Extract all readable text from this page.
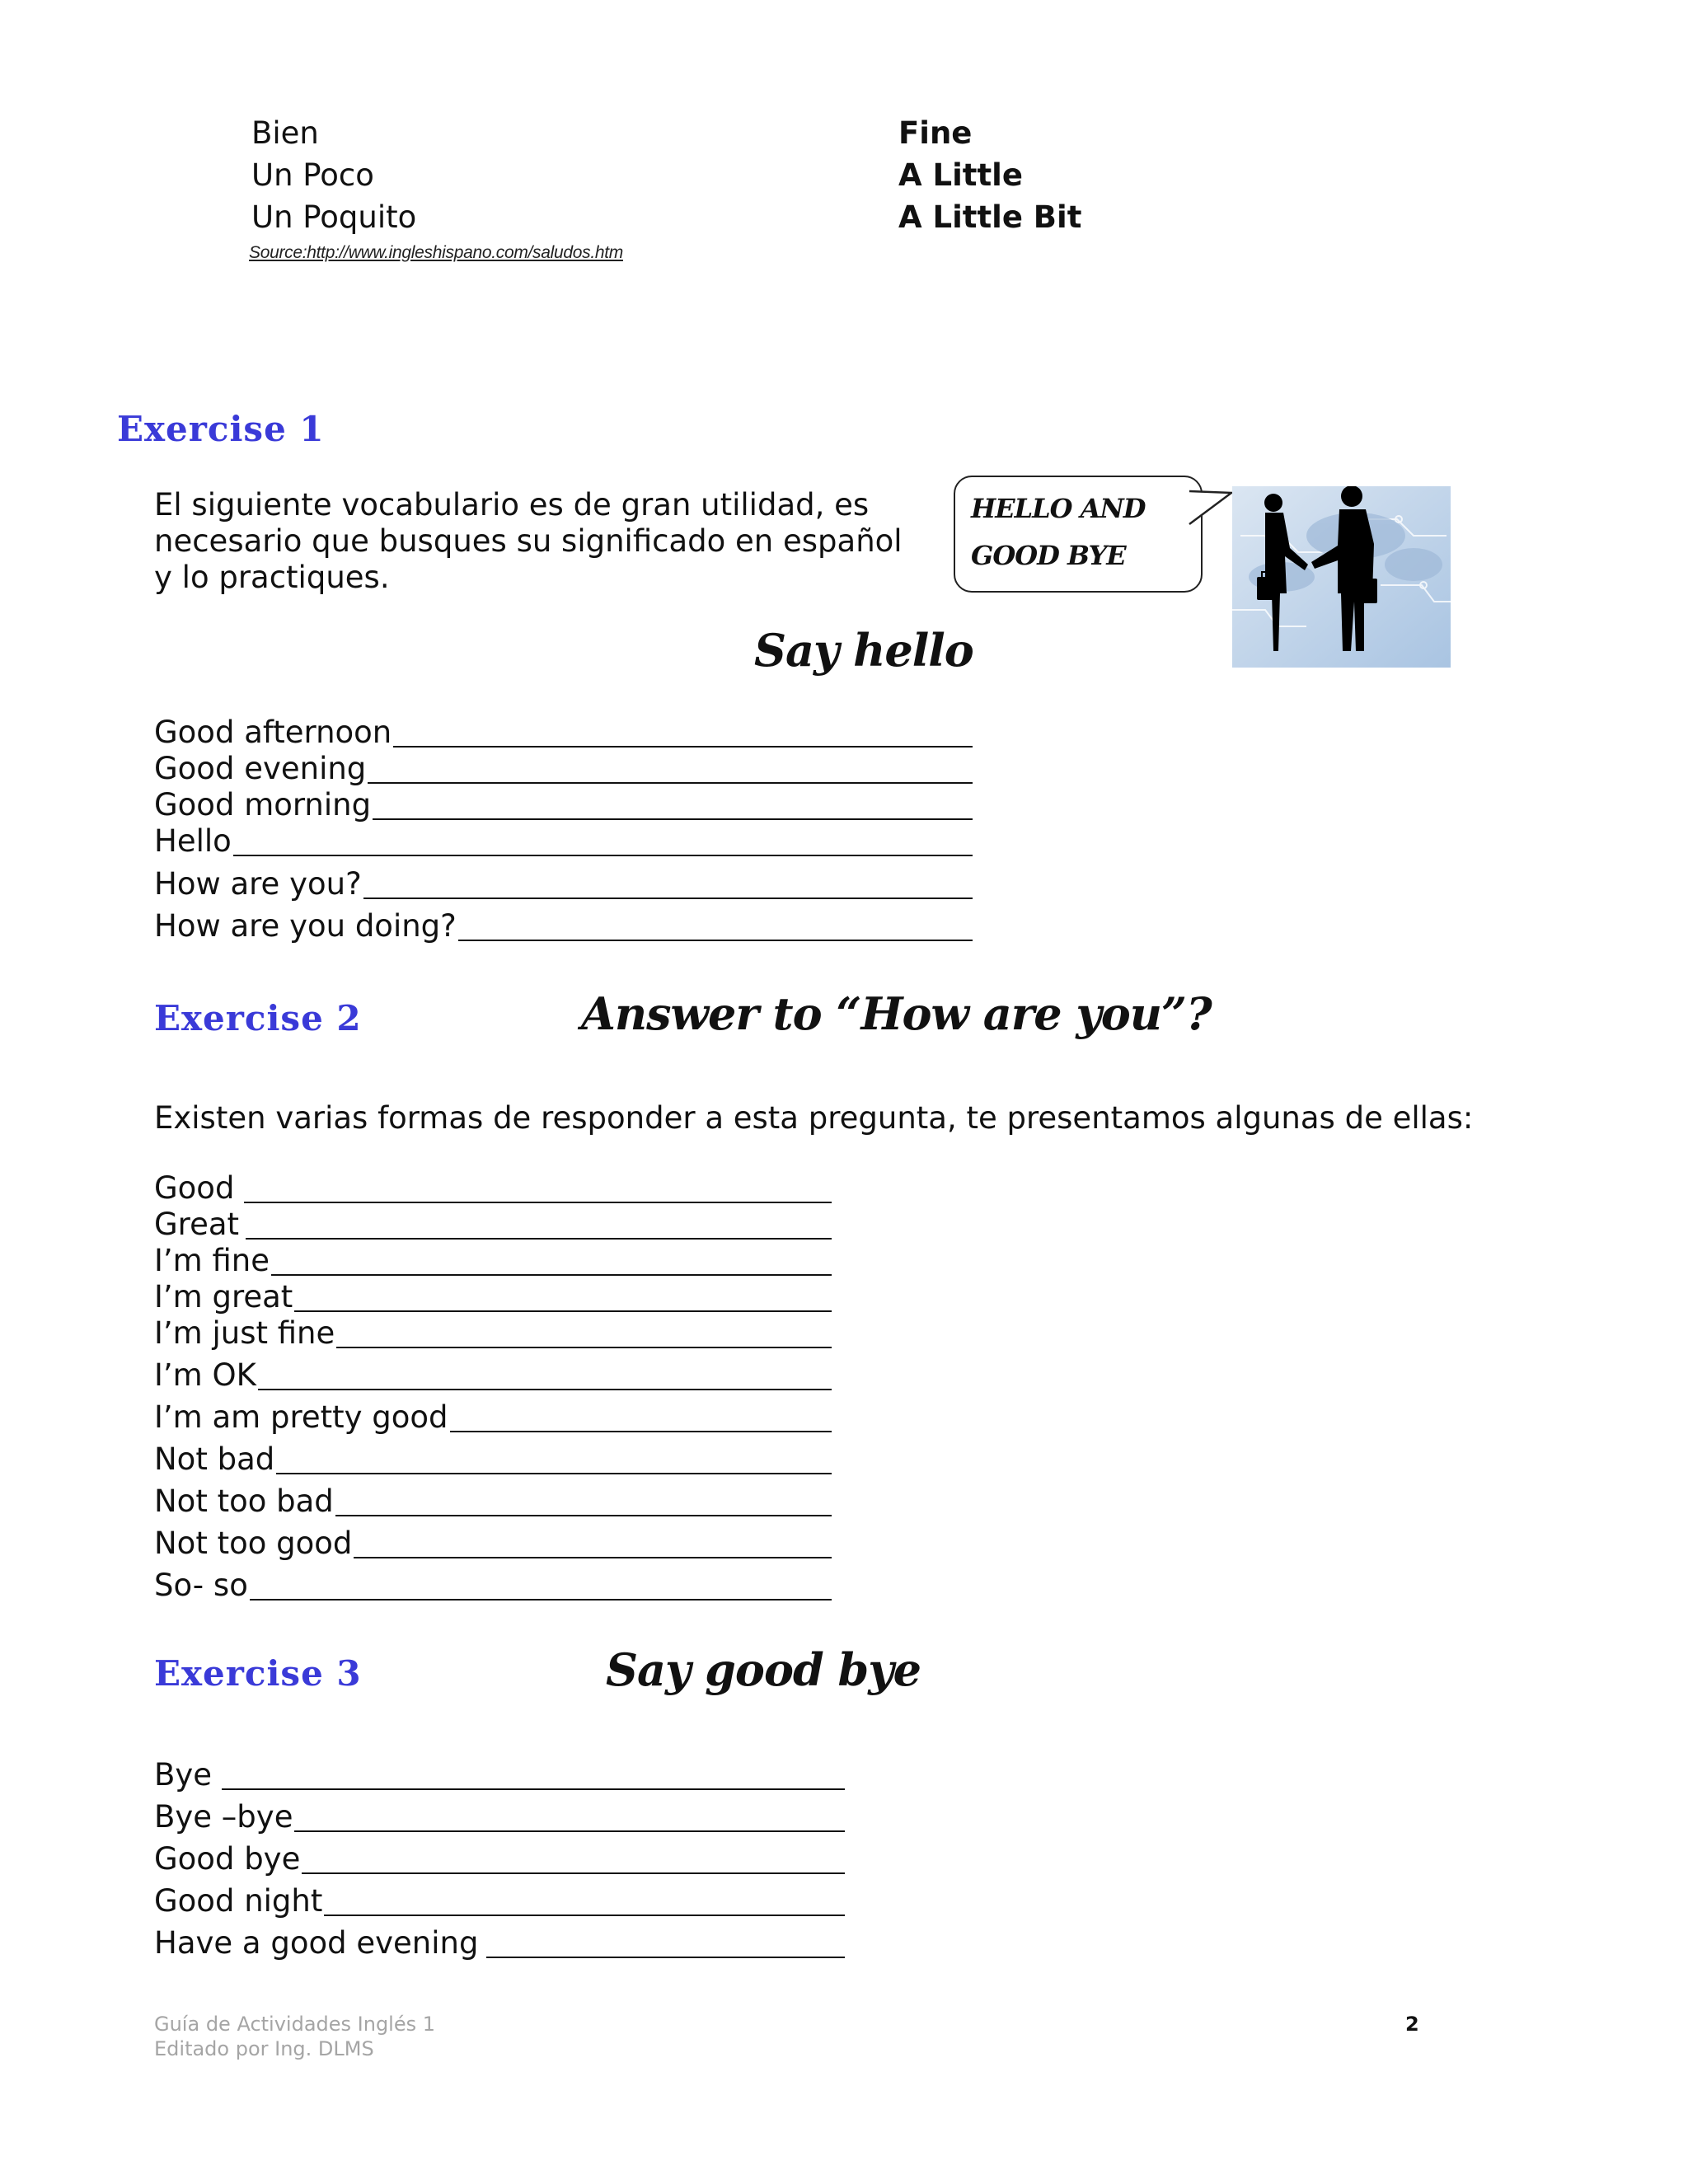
Bien	Fine
Un Poco	A Little
Un Poquito	A Little Bit
Source:http://www.ingleshispano.com/saludos.htm
Exercise 1
El siguiente vocabulario es de gran utilidad, es
necesario que busques su significado en español
y lo practiques.
HELLO AND
GOOD BYE
Say hello
Good afternoon
Good evening
Good morning
Hello
How are you?
How are you doing?
Exercise 2	Answer to “How are you”?
Existen varias formas de responder a esta pregunta, te presentamos algunas de ellas:
Good
Great
I’m fine
I’m great
I’m just fine
I’m OK
I’m am pretty good
Not bad
Not too bad
Not too good
So- so
Exercise 3	Say good bye
Bye
Bye –bye
Good bye
Good night
Have a good evening
Guía de Actividades Inglés 1
Editado por Ing. DLMS
2
